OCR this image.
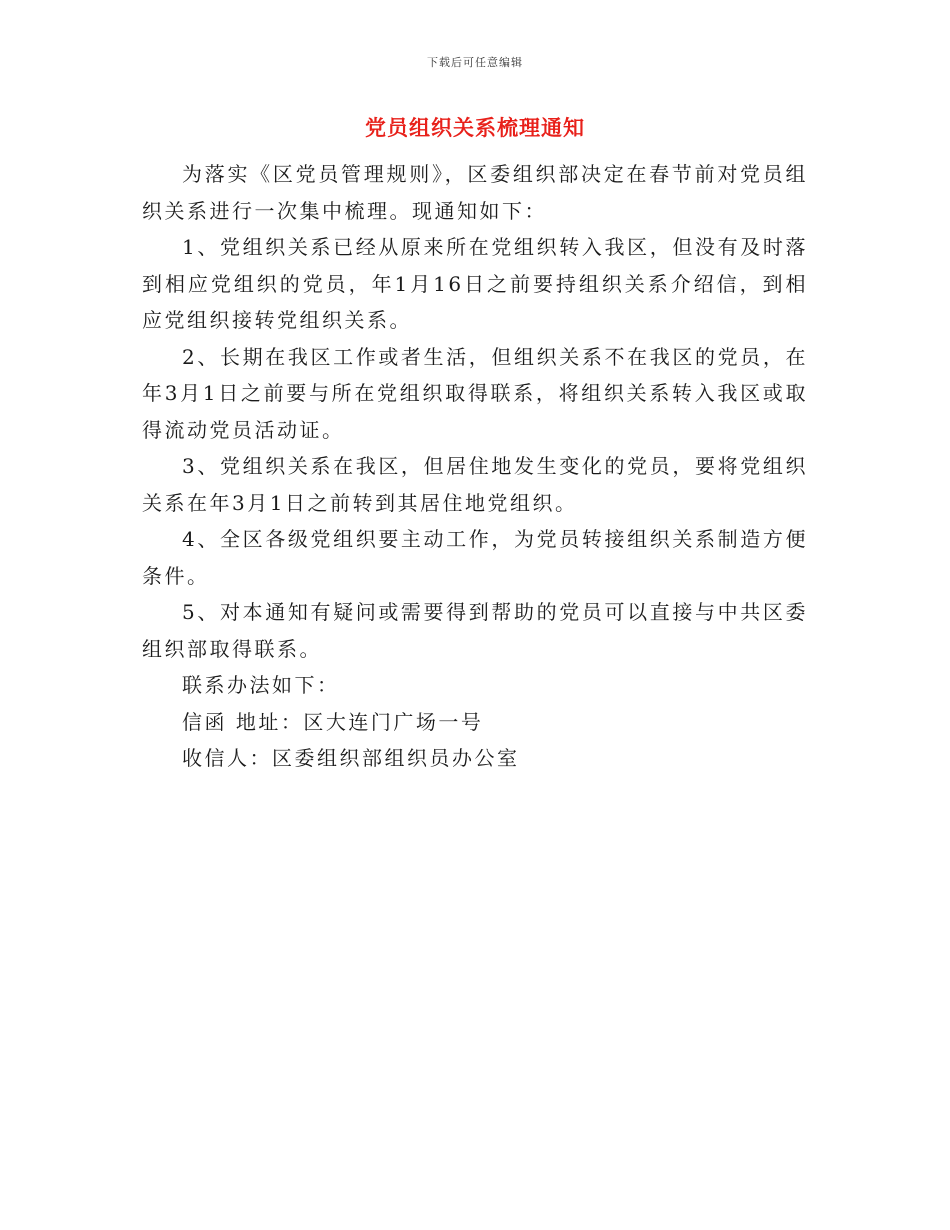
下载后可任意编辑
党员组织关系梳理通知

为落实《区党员管理规则》，区委组织部决定在春节前对党员组织关系进行一次集中梳理。现通知如下：

1、党组织关系已经从原来所在党组织转入我区，但没有及时落到相应党组织的党员，年1月16日之前要持组织关系介绍信，到相应党组织接转党组织关系。

2、长期在我区工作或者生活，但组织关系不在我区的党员，在年3月1日之前要与所在党组织取得联系，将组织关系转入我区或取得流动党员活动证。

3、党组织关系在我区，但居住地发生变化的党员，要将党组织关系在年3月1日之前转到其居住地党组织。

4、全区各级党组织要主动工作，为党员转接组织关系制造方便条件。

5、对本通知有疑问或需要得到帮助的党员可以直接与中共区委组织部取得联系。

联系办法如下：

信函 地址：区大连门广场一号

收信人：区委组织部组织员办公室
